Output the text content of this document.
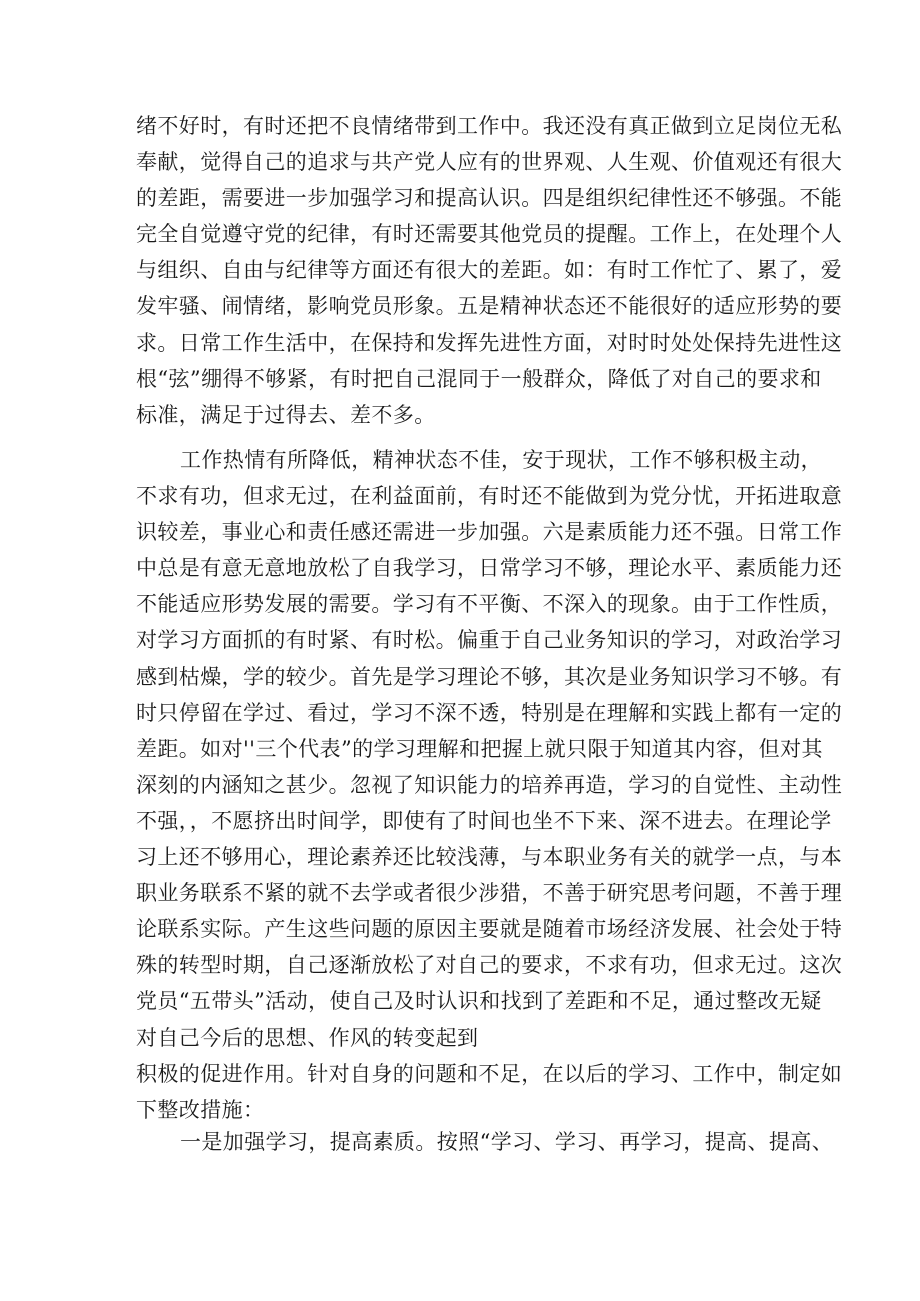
绪不好时，有时还把不良情绪带到工作中。我还没有真正做到立足岗位无私
奉献，觉得自己的追求与共产党人应有的世界观、人生观、价值观还有很大
的差距，需要进一步加强学习和提高认识。四是组织纪律性还不够强。不能
完全自觉遵守党的纪律，有时还需要其他党员的提醒。工作上，在处理个人
与组织、自由与纪律等方面还有很大的差距。如：有时工作忙了、累了，爱
发牢骚、闹情绪，影响党员形象。五是精神状态还不能很好的适应形势的要
求。日常工作生活中，在保持和发挥先进性方面，对时时处处保持先进性这
根“弦”绷得不够紧，有时把自己混同于一般群众，降低了对自己的要求和
标准，满足于过得去、差不多。
工作热情有所降低，精神状态不佳，安于现状，工作不够积极主动，
不求有功，但求无过，在利益面前，有时还不能做到为党分忧，开拓进取意
识较差，事业心和责任感还需进一步加强。六是素质能力还不强。日常工作
中总是有意无意地放松了自我学习，日常学习不够，理论水平、素质能力还
不能适应形势发展的需要。学习有不平衡、不深入的现象。由于工作性质，
对学习方面抓的有时紧、有时松。偏重于自己业务知识的学习，对政治学习
感到枯燥，学的较少。首先是学习理论不够，其次是业务知识学习不够。有
时只停留在学过、看过，学习不深不透，特别是在理解和实践上都有一定的
差距。如对''三个代表”的学习理解和把握上就只限于知道其内容，但对其
深刻的内涵知之甚少。忽视了知识能力的培养再造，学习的自觉性、主动性
不强，，不愿挤出时间学，即使有了时间也坐不下来、深不进去。在理论学
习上还不够用心，理论素养还比较浅薄，与本职业务有关的就学一点，与本
职业务联系不紧的就不去学或者很少涉猎，不善于研究思考问题，不善于理
论联系实际。产生这些问题的原因主要就是随着市场经济发展、社会处于特
殊的转型时期，自己逐渐放松了对自己的要求，不求有功，但求无过。这次
党员“五带头”活动，使自己及时认识和找到了差距和不足，通过整改无疑
对自己今后的思想、作风的转变起到
积极的促进作用。针对自身的问题和不足，在以后的学习、工作中，制定如
下整改措施：
一是加强学习，提高素质。按照“学习、学习、再学习，提高、提高、
